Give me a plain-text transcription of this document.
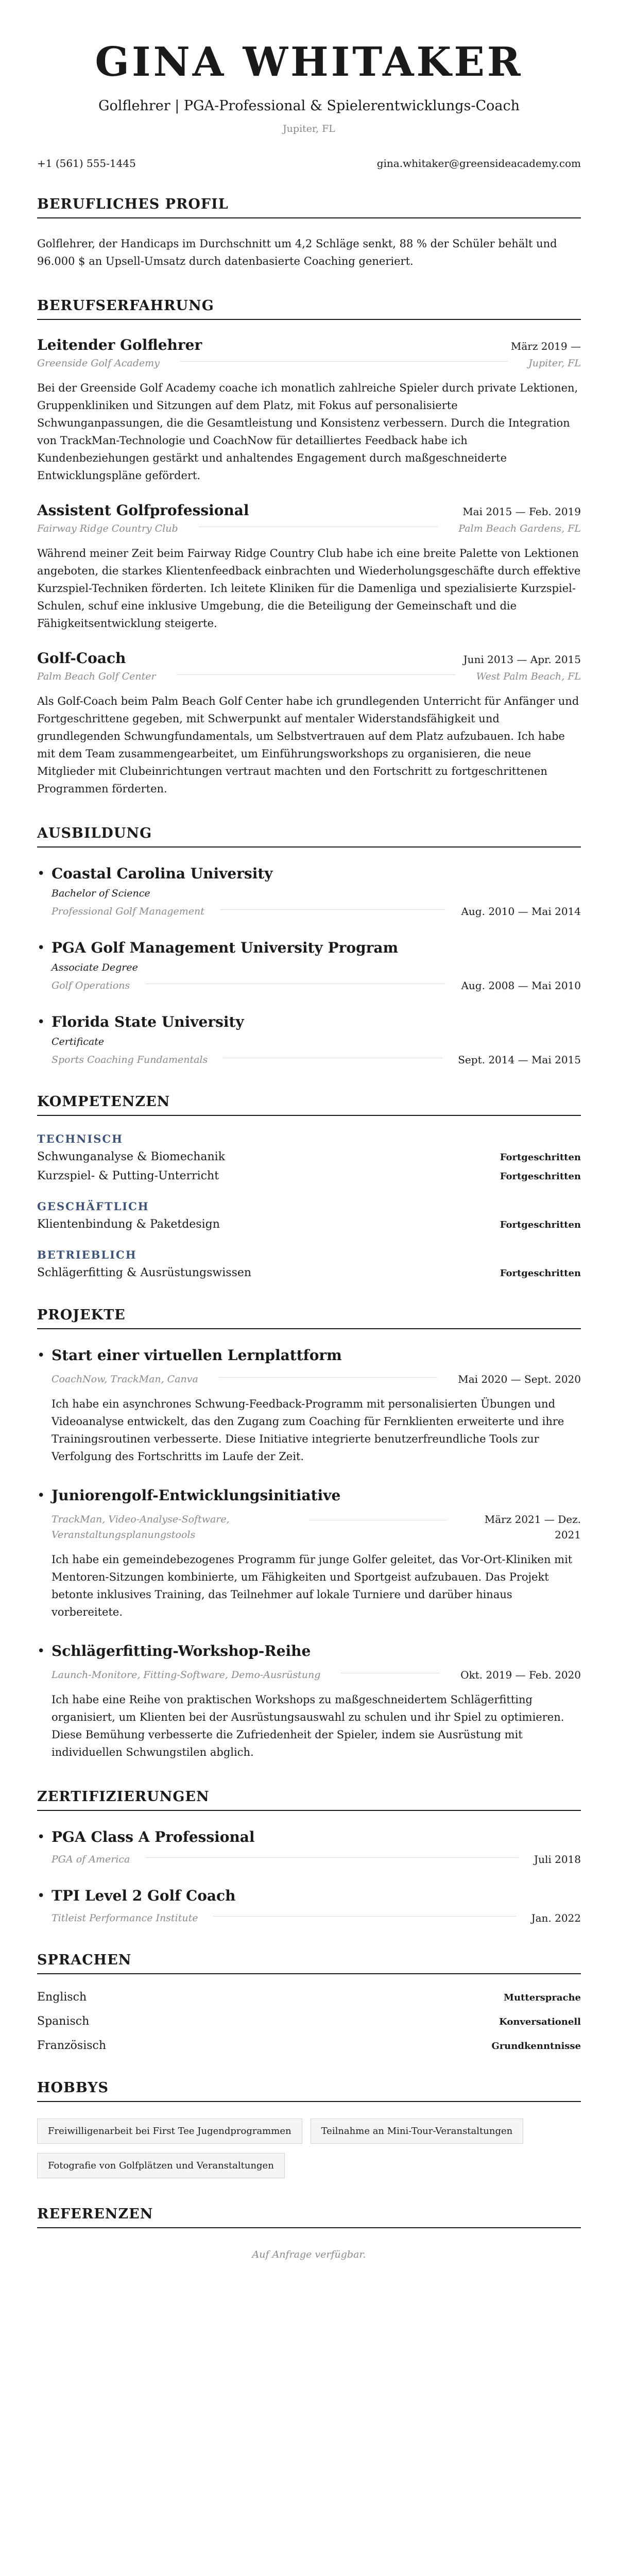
GINA WHITAKER
Golflehrer | PGA-Professional & Spielerentwicklungs-Coach
Jupiter, FL
+1 (561) 555-1445	gina.whitaker@greensideacademy.com
BERUFLICHES PROFIL

Golflehrer, der Handicaps im Durchschnitt um 4,2 Schläge senkt, 88 % der Schüler behält und 96.000 $ an Upsell-Umsatz durch datenbasierte Coaching generiert.

BERUFSERFAHRUNG
Leitender Golflehrer	März 2019 —
Greenside Golf Academy	Jupiter, FL

Bei der Greenside Golf Academy coache ich monatlich zahlreiche Spieler durch private Lektionen, Gruppenkliniken und Sitzungen auf dem Platz, mit Fokus auf personalisierte Schwunganpassungen, die die Gesamtleistung und Konsistenz verbessern. Durch die Integration von TrackMan-Technologie und CoachNow für detailliertes Feedback habe ich Kundenbeziehungen gestärkt und anhaltendes Engagement durch maßgeschneiderte Entwicklungspläne gefördert.

Assistent Golfprofessional	Mai 2015 — Feb. 2019
Fairway Ridge Country Club	Palm Beach Gardens, FL

Während meiner Zeit beim Fairway Ridge Country Club habe ich eine breite Palette von Lektionen angeboten, die starkes Klientenfeedback einbrachten und Wiederholungsgeschäfte durch effektive Kurzspiel-Techniken förderten. Ich leitete Kliniken für die Damenliga und spezialisierte Kurzspiel-Schulen, schuf eine inklusive Umgebung, die die Beteiligung der Gemeinschaft und die Fähigkeitsentwicklung steigerte.

Golf-Coach	Juni 2013 — Apr. 2015
Palm Beach Golf Center	West Palm Beach, FL

Als Golf-Coach beim Palm Beach Golf Center habe ich grundlegenden Unterricht für Anfänger und Fortgeschrittene gegeben, mit Schwerpunkt auf mentaler Widerstandsfähigkeit und grundlegenden Schwungfundamentals, um Selbstvertrauen auf dem Platz aufzubauen. Ich habe mit dem Team zusammengearbeitet, um Einführungsworkshops zu organisieren, die neue Mitglieder mit Clubeinrichtungen vertraut machten und den Fortschritt zu fortgeschrittenen Programmen förderten.

AUSBILDUNG
• Coastal Carolina University
Bachelor of Science
Professional Golf Management	Aug. 2010 — Mai 2014
• PGA Golf Management University Program
Associate Degree
Golf Operations	Aug. 2008 — Mai 2010
• Florida State University
Certificate
Sports Coaching Fundamentals	Sept. 2014 — Mai 2015
KOMPETENZEN
TECHNISCH
Schwunganalyse & Biomechanik	Fortgeschritten
Kurzspiel- & Putting-Unterricht	Fortgeschritten
GESCHÄFTLICH
Klientenbindung & Paketdesign	Fortgeschritten
BETRIEBLICH
Schlägerfitting & Ausrüstungswissen	Fortgeschritten
PROJEKTE
• Start einer virtuellen Lernplattform
CoachNow, TrackMan, Canva	Mai 2020 — Sept. 2020

Ich habe ein asynchrones Schwung-Feedback-Programm mit personalisierten Übungen und Videoanalyse entwickelt, das den Zugang zum Coaching für Fernklienten erweiterte und ihre Trainingsroutinen verbesserte. Diese Initiative integrierte benutzerfreundliche Tools zur Verfolgung des Fortschritts im Laufe der Zeit.

• Juniorengolf-Entwicklungsinitiative
TrackMan, Video-Analyse-Software, Veranstaltungsplanungstools
März 2021 — Dez. 2021

Ich habe ein gemeindebezogenes Programm für junge Golfer geleitet, das Vor-Ort-Kliniken mit Mentoren-Sitzungen kombinierte, um Fähigkeiten und Sportgeist aufzubauen. Das Projekt betonte inklusives Training, das Teilnehmer auf lokale Turniere und darüber hinaus vorbereitete.

• Schlägerfitting-Workshop-Reihe
Launch-Monitore, Fitting-Software, Demo-Ausrüstung	Okt. 2019 — Feb. 2020

Ich habe eine Reihe von praktischen Workshops zu maßgeschneidertem Schlägerfitting organisiert, um Klienten bei der Ausrüstungsauswahl zu schulen und ihr Spiel zu optimieren. Diese Bemühung verbesserte die Zufriedenheit der Spieler, indem sie Ausrüstung mit individuellen Schwungstilen abglich.

ZERTIFIZIERUNGEN
• PGA Class A Professional
PGA of America	Juli 2018
• TPI Level 2 Golf Coach
Titleist Performance Institute	Jan. 2022
SPRACHEN
Englisch	Muttersprache
Spanisch	Konversationell
Französisch	Grundkenntnisse
HOBBYS
Freiwilligenarbeit bei First Tee Jugendprogrammen	Teilnahme an Mini-Tour-Veranstaltungen
Fotografie von Golfplätzen und Veranstaltungen
REFERENZEN
Auf Anfrage verfügbar.
